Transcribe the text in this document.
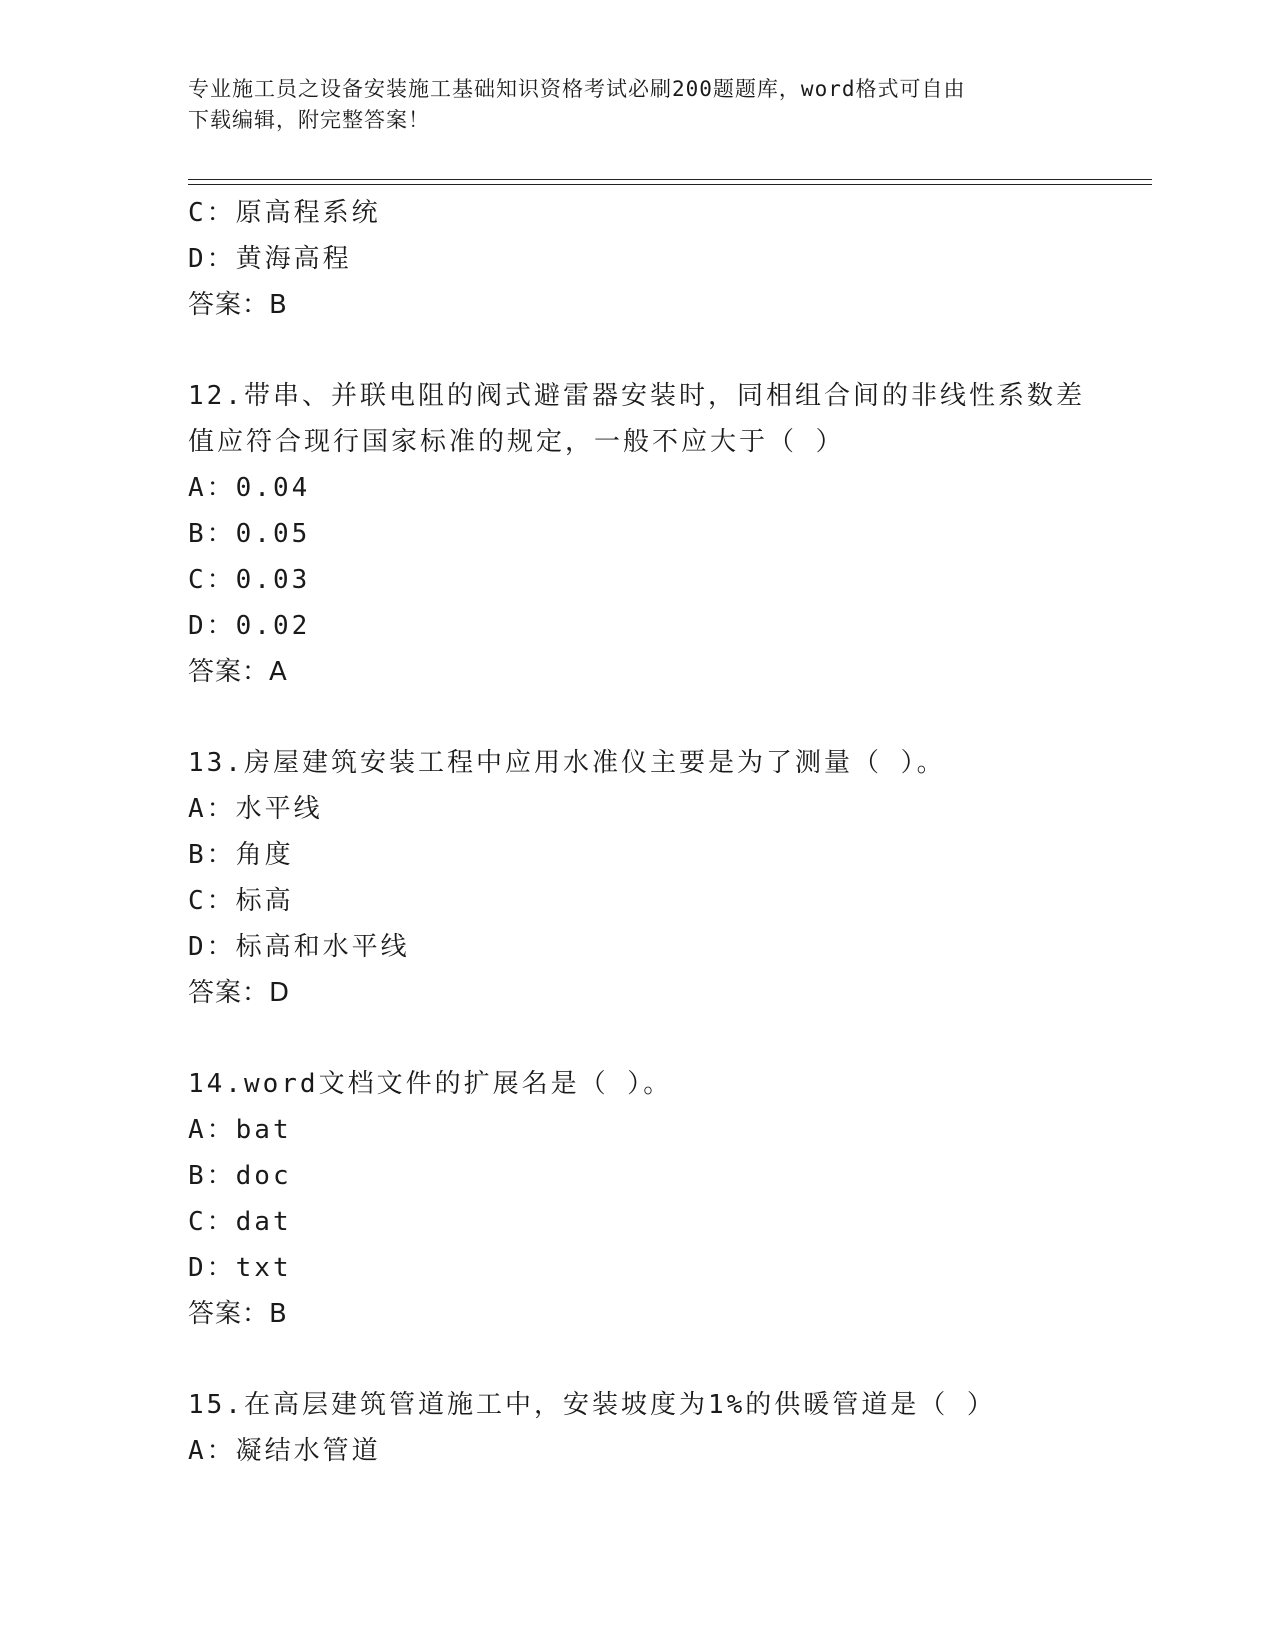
专业施工员之设备安装施工基础知识资格考试必刷200题题库，word格式可自由
下载编辑，附完整答案！
C：原高程系统
D：黄海高程
答案：B
12.带串、并联电阻的阀式避雷器安装时，同相组合间的非线性系数差
值应符合现行国家标准的规定，一般不应大于（ ）
A：0.04
B：0.05
C：0.03
D：0.02
答案：A
13.房屋建筑安装工程中应用水准仪主要是为了测量（ ）。
A：水平线
B：角度
C：标高
D：标高和水平线
答案：D
14.word文档文件的扩展名是（ ）。
A：bat
B：doc
C：dat
D：txt
答案：B
15.在高层建筑管道施工中，安装坡度为1%的供暖管道是（ ）
A：凝结水管道
